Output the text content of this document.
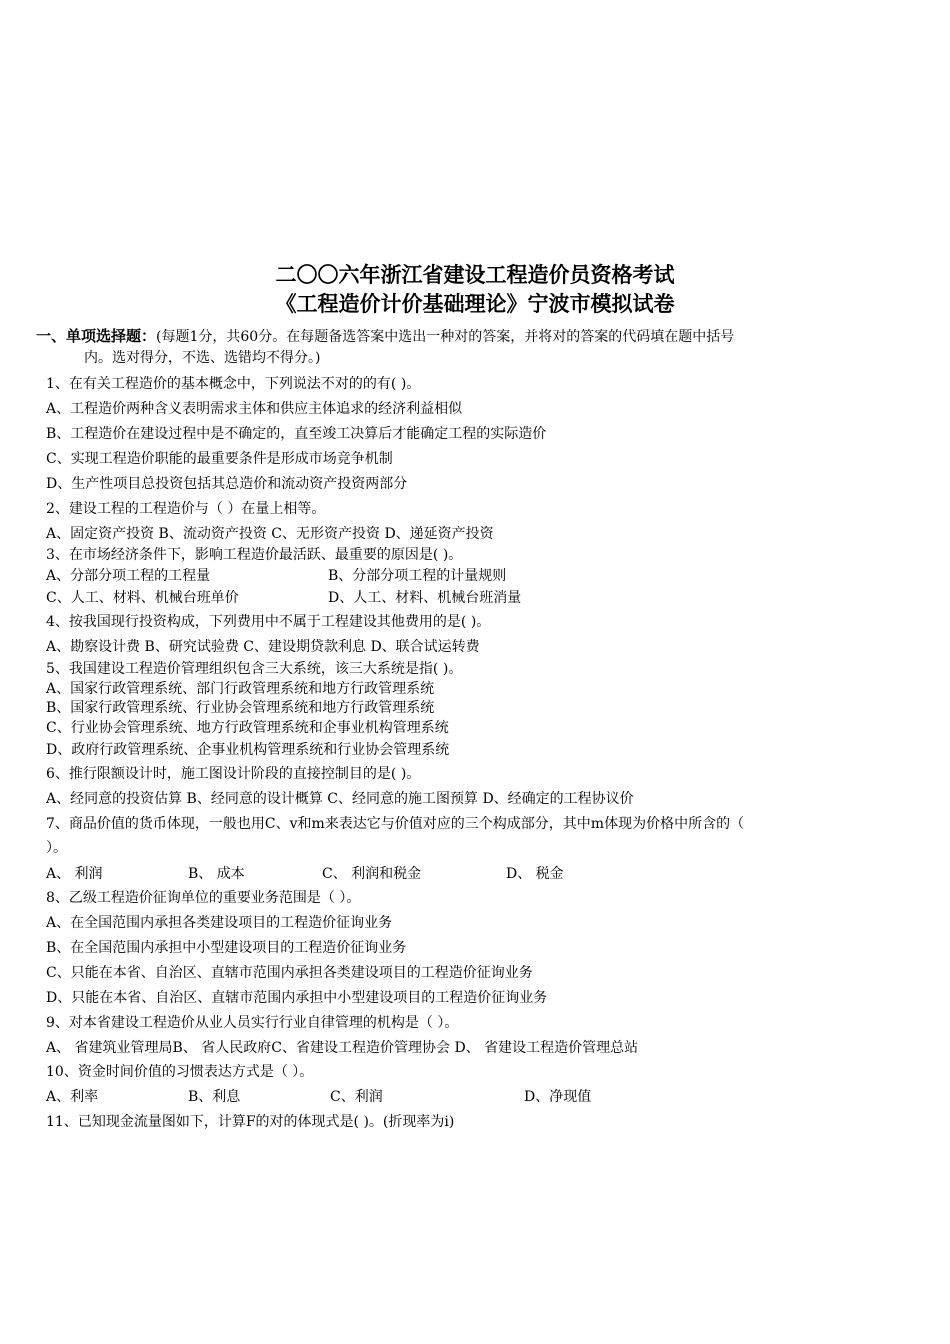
二〇〇六年浙江省建设工程造价员资格考试
《工程造价计价基础理论》宁波市模拟试卷
一、单项选择题：(每题1分，共60分。在每题备选答案中选出一种对的答案，并将对的答案的代码填在题中括号
内。选对得分，不选、选错均不得分。)
1、在有关工程造价的基本概念中，下列说法不对的的有( )。
A、工程造价两种含义表明需求主体和供应主体追求的经济利益相似
B、工程造价在建设过程中是不确定的，直至竣工决算后才能确定工程的实际造价
C、实现工程造价职能的最重要条件是形成市场竞争机制
D、生产性项目总投资包括其总造价和流动资产投资两部分
2、建设工程的工程造价与（ ）在量上相等。
A、固定资产投资 B、流动资产投资 C、无形资产投资 D、递延资产投资
3、在市场经济条件下，影响工程造价最活跃、最重要的原因是( )。
A、分部分项工程的工程量	B、分部分项工程的计量规则
C、人工、材料、机械台班单价	D、人工、材料、机械台班消量
4、按我国现行投资构成，下列费用中不属于工程建设其他费用的是( )。
A、勘察设计费 B、研究试验费 C、建设期贷款利息 D、联合试运转费
5、我国建设工程造价管理组织包含三大系统，该三大系统是指( )。
A、国家行政管理系统、部门行政管理系统和地方行政管理系统
B、国家行政管理系统、行业协会管理系统和地方行政管理系统
C、行业协会管理系统、地方行政管理系统和企事业机构管理系统
D、政府行政管理系统、企事业机构管理系统和行业协会管理系统
6、推行限额设计时，施工图设计阶段的直接控制目的是( )。
A、经同意的投资估算 B、经同意的设计概算 C、经同意的施工图预算 D、经确定的工程协议价
7、商品价值的货币体现，一般也用C、v和m来表达它与价值对应的三个构成部分，其中m体现为价格中所含的（
）。
A、 利润	B、 成本	C、 利润和税金	D、 税金
8、乙级工程造价征询单位的重要业务范围是（ ）。
A、在全国范围内承担各类建设项目的工程造价征询业务
B、在全国范围内承担中小型建设项目的工程造价征询业务
C、只能在本省、自治区、直辖市范围内承担各类建设项目的工程造价征询业务
D、只能在本省、自治区、直辖市范围内承担中小型建设项目的工程造价征询业务
9、对本省建设工程造价从业人员实行行业自律管理的机构是（ ）。
A、 省建筑业管理局B、 省人民政府C、省建设工程造价管理协会 D、 省建设工程造价管理总站
10、资金时间价值的习惯表达方式是（ ）。
A、利率	B、利息	C、利润	D、净现值
11、已知现金流量图如下，计算F的对的体现式是( )。(折现率为i)
